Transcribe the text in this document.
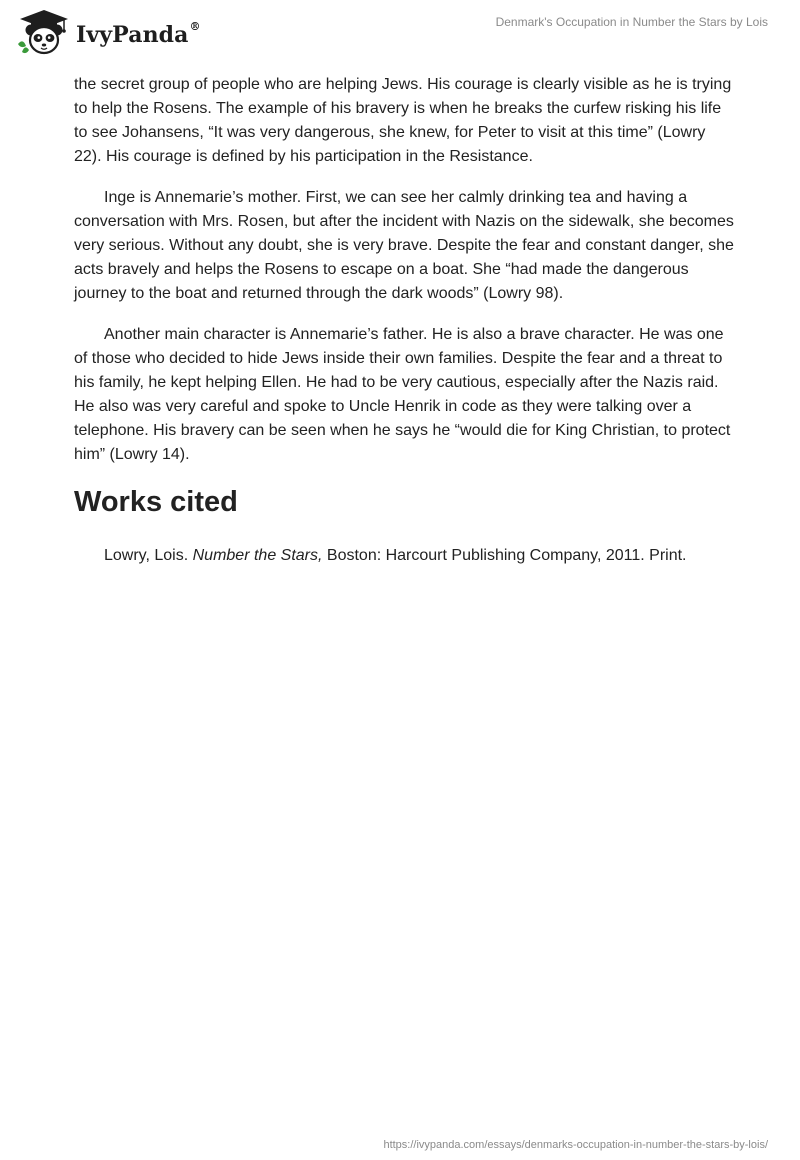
IvyPanda®	Denmark's Occupation in Number the Stars by Lois

the secret group of people who are helping Jews. His courage is clearly visible as he is trying to help the Rosens. The example of his bravery is when he breaks the curfew risking his life to see Johansens, “It was very dangerous, she knew, for Peter to visit at this time” (Lowry 22). His courage is defined by his participation in the Resistance.

Inge is Annemarie’s mother. First, we can see her calmly drinking tea and having a conversation with Mrs. Rosen, but after the incident with Nazis on the sidewalk, she becomes very serious. Without any doubt, she is very brave. Despite the fear and constant danger, she acts bravely and helps the Rosens to escape on a boat. She “had made the dangerous journey to the boat and returned through the dark woods” (Lowry 98).

Another main character is Annemarie’s father. He is also a brave character. He was one of those who decided to hide Jews inside their own families. Despite the fear and a threat to his family, he kept helping Ellen. He had to be very cautious, especially after the Nazis raid. He also was very careful and spoke to Uncle Henrik in code as they were talking over a telephone. His bravery can be seen when he says he “would die for King Christian, to protect him” (Lowry 14).

Works cited

Lowry, Lois. Number the Stars, Boston: Harcourt Publishing Company, 2011. Print.

https://ivypanda.com/essays/denmarks-occupation-in-number-the-stars-by-lois/
